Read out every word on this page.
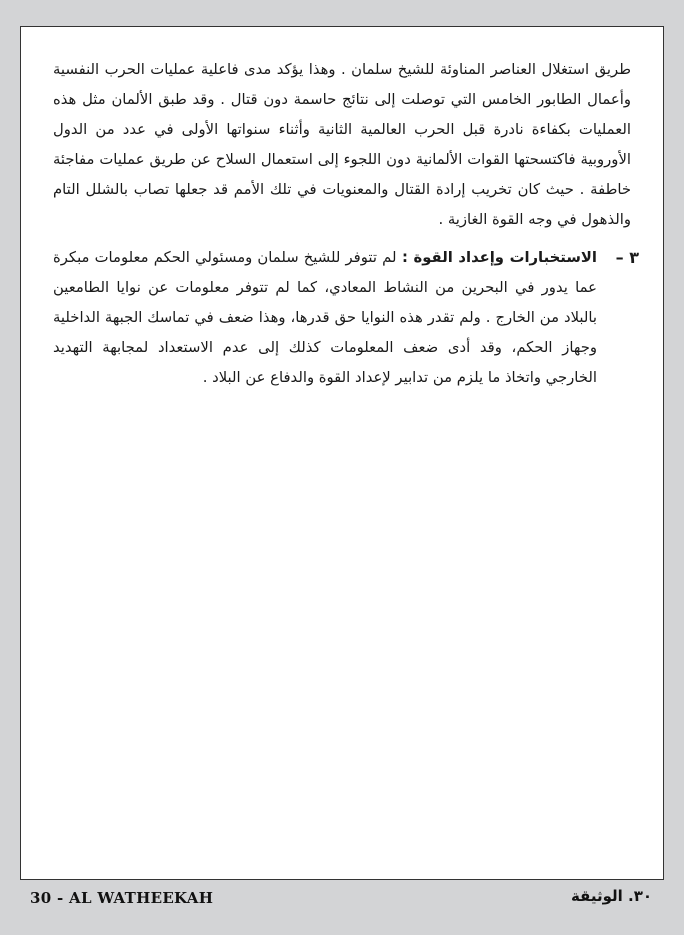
طريق استغلال العناصر المناوئة للشيخ سلمان . وهذا يؤكد مدى فاعلية عمليات الحرب النفسية وأعمال الطابور الخامس التي توصلت إلى نتائج حاسمة دون قتال . وقد طبق الألمان مثل هذه العمليات بكفاءة نادرة قبل الحرب العالمية الثانية وأثناء سنواتها الأولى في عدد من الدول الأوروبية فاكتسحتها القوات الألمانية دون اللجوء إلى استعمال السلاح عن طريق عمليات مفاجئة خاطفة . حيث كان تخريب إرادة القتال والمعنويات في تلك الأمم قد جعلها تصاب بالشلل التام والذهول في وجه القوة الغازية .

٣ –
الاستخبارات وإعداد القوة : لم تتوفر للشيخ سلمان ومسئولي الحكم معلومات مبكرة عما يدور في البحرين من النشاط المعادي، كما لم تتوفر معلومات عن نوايا الطامعين بالبلاد من الخارج . ولم تقدر هذه النوايا حق قدرها، وهذا ضعف في تماسك الجبهة الداخلية وجهاز الحكم، وقد أدى ضعف المعلومات كذلك إلى عدم الاستعداد لمجابهة التهديد الخارجي واتخاذ ما يلزم من تدابير لإعداد القوة والدفاع عن البلاد .
30 - AL WATHEEKAH	٣٠. الوثيقة
